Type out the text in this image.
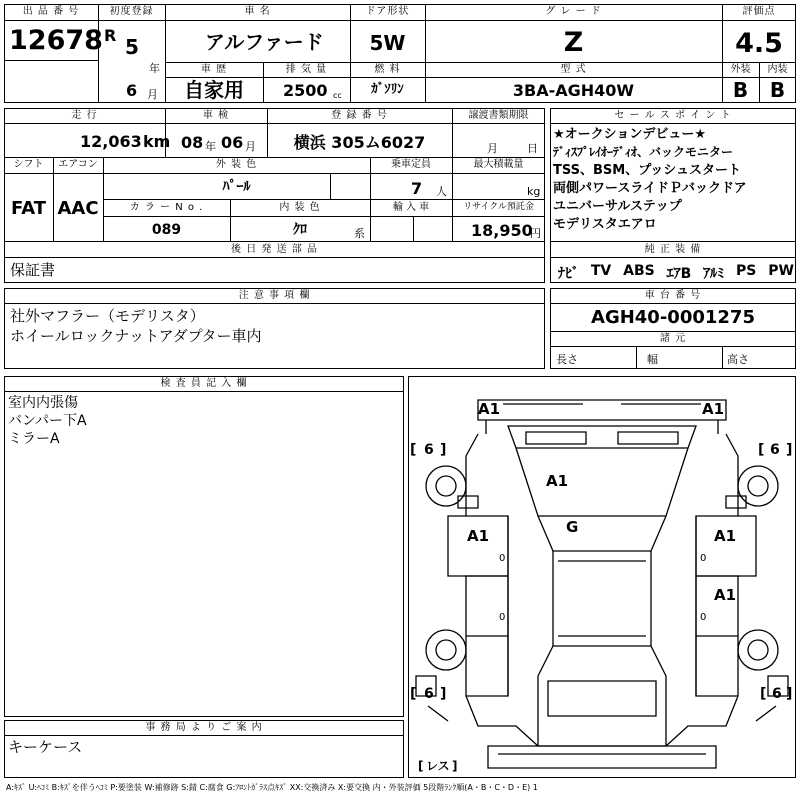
出 品 番 号
12678
初度登録
R 5
年
6 月
車 名
アルファード
ドア形状
5W
グ レ ー ド
Z
評価点
4.5
車 歴
自家用
排 気 量
2500 cc
燃 料
ｶﾞｿﾘﾝ
型 式
3BA-AGH40W
外装	内装
B	B
走 行
12,063 km
車 検
08 年 06 月
登 録 番 号
横浜 305ム6027
譲渡書類期限
月	日
シフト
FAT
エアコン
AAC
外 装 色
ﾊﾟｰﾙ
乗車定員
7 人
最大積載量
kg
カ ラ ー N o .
089
内 装 色
ｸﾛ	系
輸 入 車	リサイクル預託金
18,950
円
後 日 発 送 部 品
保証書
セ ー ル ス ポ イ ン ト
★オークションデビュー★
ﾃﾞｨｽﾌﾟﾚｲｵｰﾃﾞｨｵ、バックモニター
TSS、BSM、プッシュスタート
両側パワースライドＰバックドア
ユニバーサルステップ
モデリスタエアロ
純 正 装 備
ﾅﾋﾞ TV ABS ｴｱB ｱﾙﾐ PS PW
注 意 事 項 欄
社外マフラー（モデリスタ）
ホイールロックナットアダプター車内
車 台 番 号
AGH40-0001275
諸 元
長さ	幅	高さ
検 査 員 記 入 欄
室内内張傷
バンパー下A
ミラーA
事 務 局 よ り ご 案 内
キーケース
A1	A1
A1
G
A1	A1
A1
0
0
0
0
[ 6 ]	[ 6 ]
[ 6 ]	[ 6 ]
[ レス ]
A:ｷｽﾞ U:ﾍｺﾐ B:ｷｽﾞを伴うﾍｺﾐ P:要塗装 W:補修跡 S:錆 C:腐食 G:ﾌﾛﾝﾄｶﾞﾗｽ点ｷｽﾞ XX:交換済み X:要交換 内・外装評価 5段階ﾗﾝｸ順(A・B・C・D・E) 1
